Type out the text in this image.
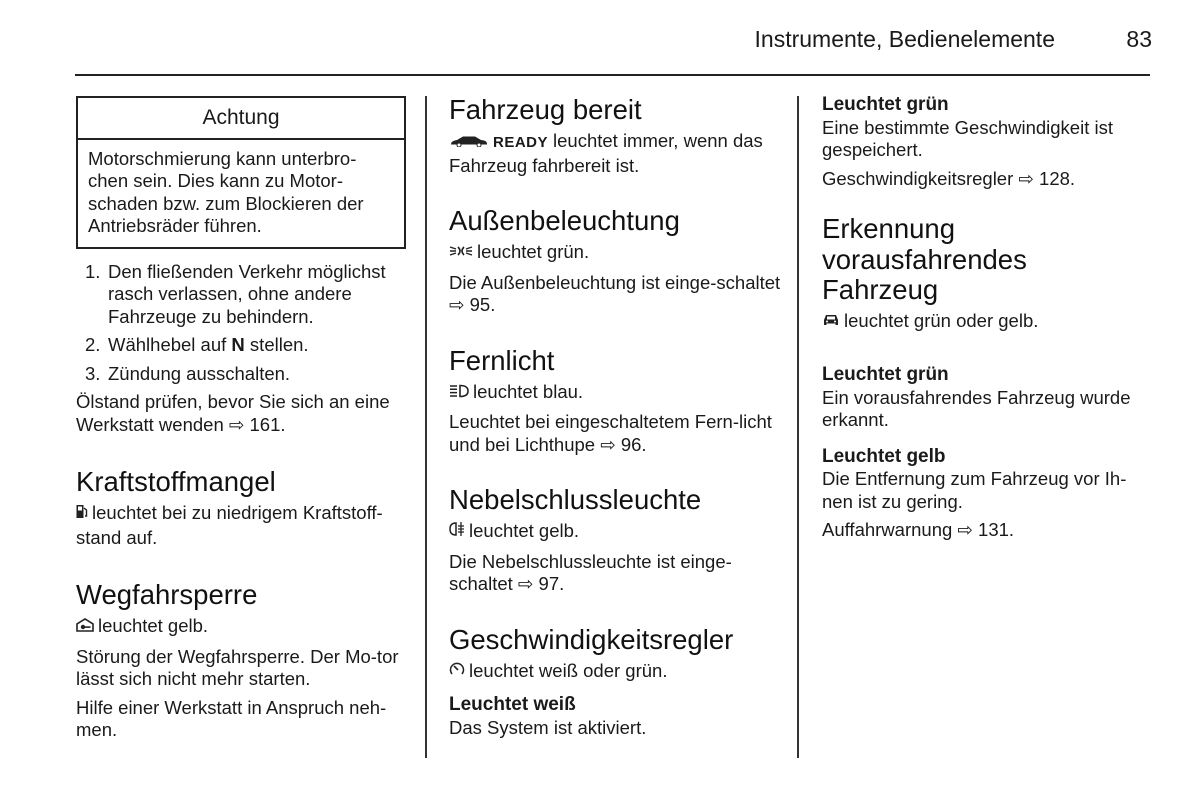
Instrumente, Bedienelemente	83
Achtung
Motorschmierung kann unterbro-chen sein. Dies kann zu Motor-schaden bzw. zum Blockieren der Antriebsräder führen.
1. Den fließenden Verkehr möglichst rasch verlassen, ohne andere Fahrzeuge zu behindern.
2. Wählhebel auf N stellen.
3. Zündung ausschalten.

Ölstand prüfen, bevor Sie sich an eine Werkstatt wenden ⇨ 161.

Kraftstoffmangel

leuchtet bei zu niedrigem Kraftstoff-stand auf.

Wegfahrsperre

leuchtet gelb.

Störung der Wegfahrsperre. Der Mo-tor lässt sich nicht mehr starten.

Hilfe einer Werkstatt in Anspruch neh-men.

Fahrzeug bereit

READY leuchtet immer, wenn das Fahrzeug fahrbereit ist.

Außenbeleuchtung

leuchtet grün.

Die Außenbeleuchtung ist einge-schaltet ⇨ 95.

Fernlicht

leuchtet blau.

Leuchtet bei eingeschaltetem Fern-licht und bei Lichthupe ⇨ 96.

Nebelschlussleuchte

leuchtet gelb.

Die Nebelschlussleuchte ist einge-schaltet ⇨ 97.

Geschwindigkeitsregler

leuchtet weiß oder grün.

Leuchtet weiß

Das System ist aktiviert.

Leuchtet grün

Eine bestimmte Geschwindigkeit ist gespeichert.

Geschwindigkeitsregler ⇨ 128.

Erkennung
vorausfahrendes
Fahrzeug

leuchtet grün oder gelb.

Leuchtet grün

Ein vorausfahrendes Fahrzeug wurde erkannt.

Leuchtet gelb

Die Entfernung zum Fahrzeug vor Ih-nen ist zu gering.

Auffahrwarnung ⇨ 131.
